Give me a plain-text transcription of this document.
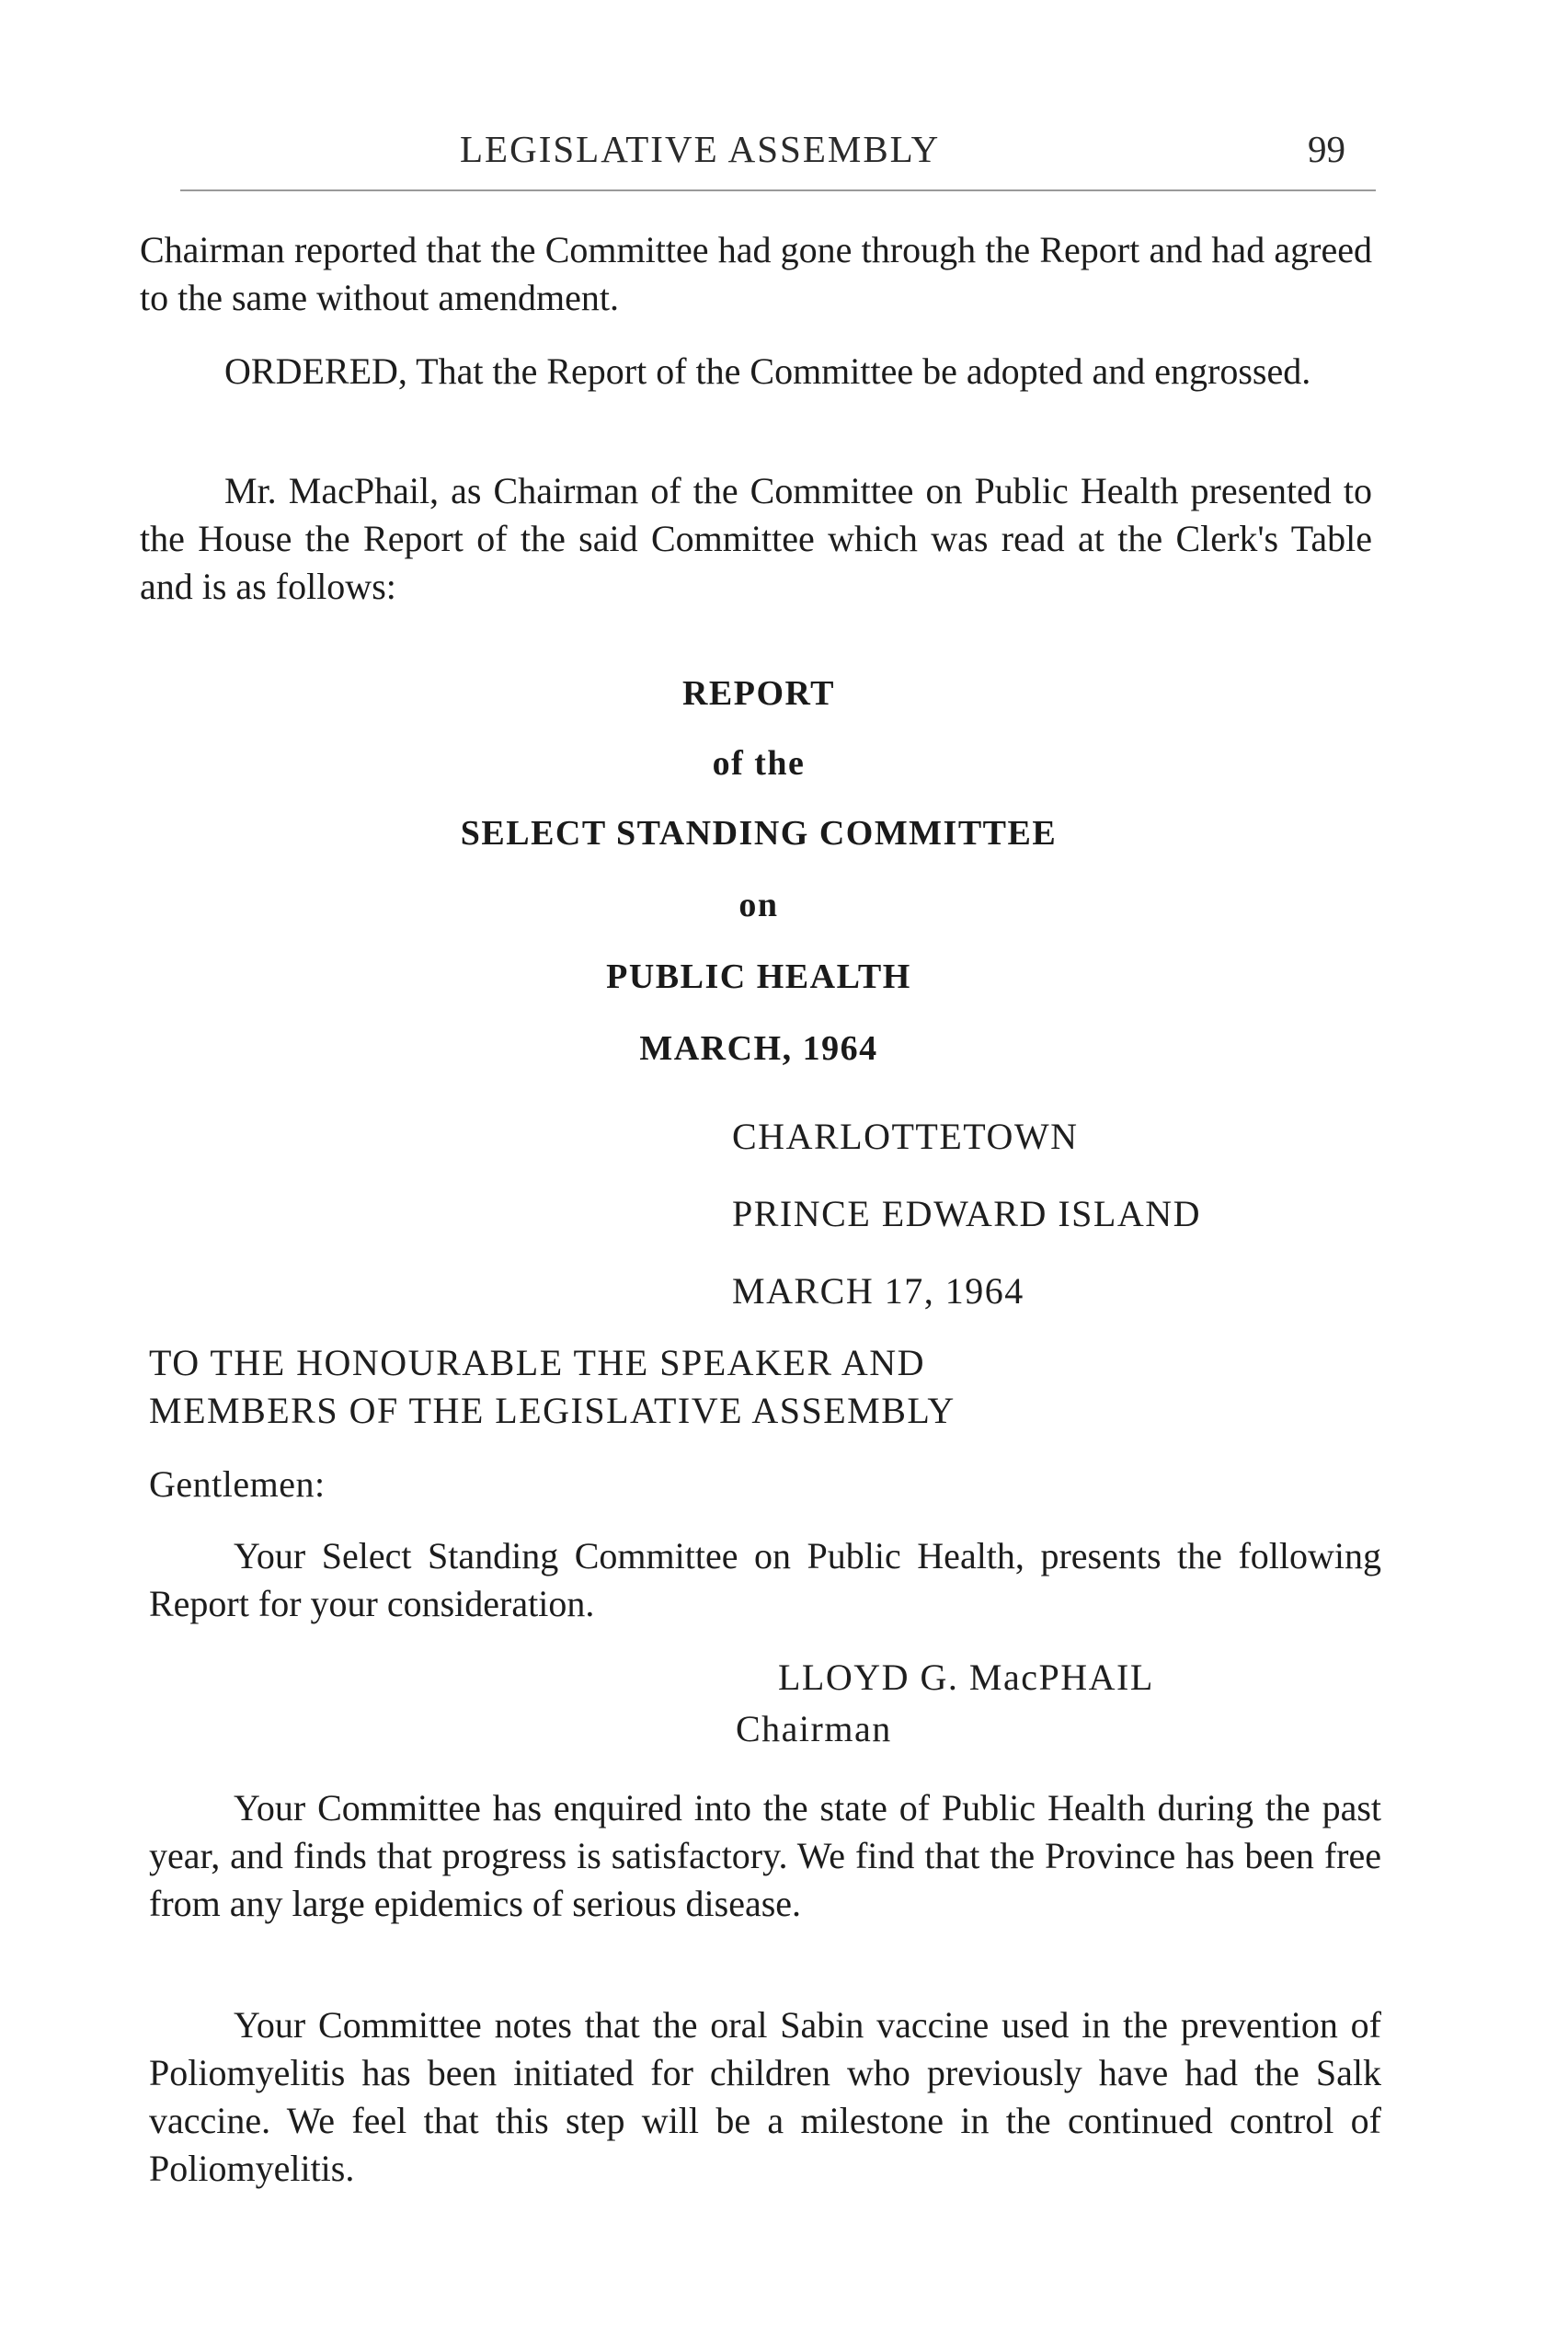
LEGISLATIVE ASSEMBLY	99

Chairman reported that the Committee had gone through the Report and had agreed to the same without amendment.

ORDERED, That the Report of the Committee be adopted and engrossed.

Mr. MacPhail, as Chairman of the Committee on Public Health presented to the House the Report of the said Committee which was read at the Clerk's Table and is as follows:

REPORT
of the
SELECT STANDING COMMITTEE
on
PUBLIC HEALTH
MARCH, 1964
CHARLOTTETOWN
PRINCE EDWARD ISLAND
MARCH 17, 1964
TO THE HONOURABLE THE SPEAKER AND
MEMBERS OF THE LEGISLATIVE ASSEMBLY
Gentlemen:

Your Select Standing Committee on Public Health, presents the following Report for your consideration.

LLOYD G. MacPHAIL
Chairman

Your Committee has enquired into the state of Public Health during the past year, and finds that progress is satisfactory. We find that the Province has been free from any large epidemics of serious disease.

Your Committee notes that the oral Sabin vaccine used in the prevention of Poliomyelitis has been initiated for children who previously have had the Salk vaccine. We feel that this step will be a milestone in the continued control of Poliomyelitis.
